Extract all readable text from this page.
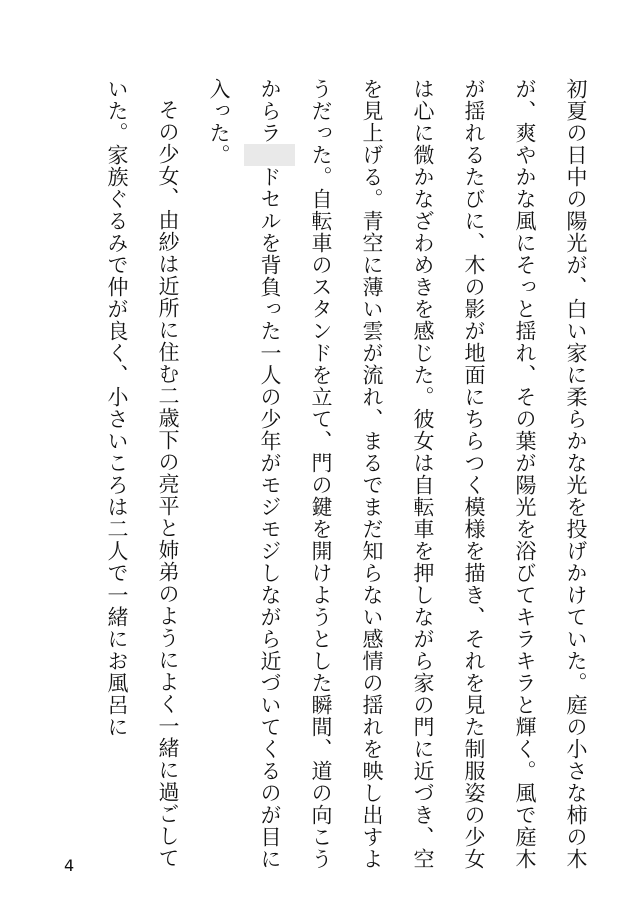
初夏の日中の陽光が、白い家に柔らかな光を投げかけていた。庭の小さな柿の木が、爽やかな風にそっと揺れ、その葉が陽光を浴びてキラキラと輝く。風で庭木が揺れるたびに、木の影が地面にちらつく模様を描き、それを見た制服姿の少女は心に微かなざわめきを感じた。彼女は自転車を押しながら家の門に近づき、空を見上げる。青空に薄い雲が流れ、まるでまだ知らない感情の揺れを映し出すようだった。自転車のスタンドを立て、門の鍵を開けようとした瞬間、道の向こうからラドセルを背負った一人の少年がモジモジしながら近づいてくるのが目に入った。

その少女、由紗は近所に住む二歳下の亮平と姉弟のようによく一緒に過ごしていた。家族ぐるみで仲が良く、小さいころは二人で一緒にお風呂に

4
